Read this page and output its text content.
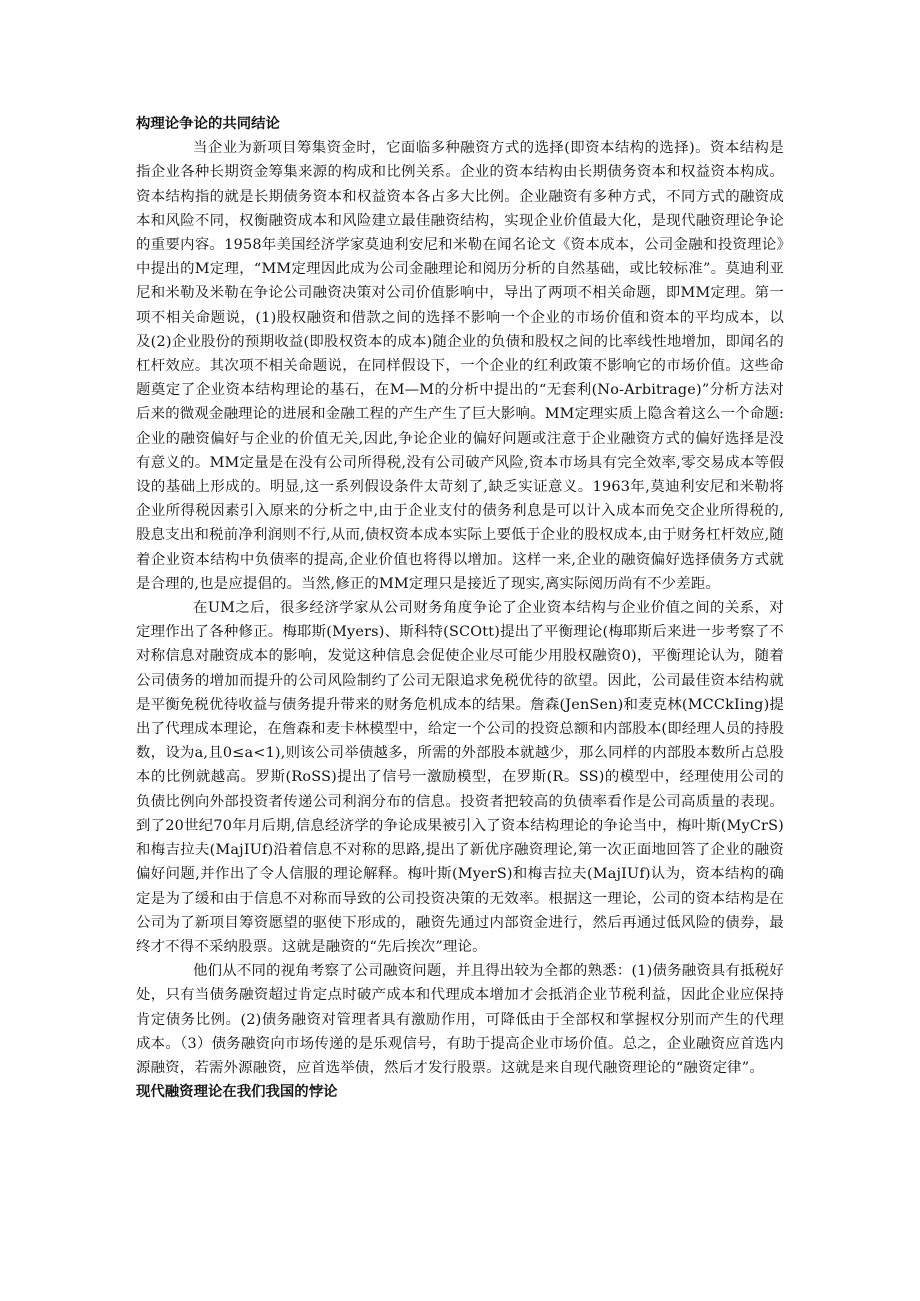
构理论争论的共同结论

当企业为新项目筹集资金时，它面临多种融资方式的选择(即资本结构的选择)。资本结构是指企业各种长期资金筹集来源的构成和比例关系。企业的资本结构由长期债务资本和权益资本构成。资本结构指的就是长期债务资本和权益资本各占多大比例。企业融资有多种方式，不同方式的融资成本和风险不同，权衡融资成本和风险建立最佳融资结构，实现企业价值最大化，是现代融资理论争论的重要内容。1958年美国经济学家莫迪利安尼和米勒在闻名论文《资本成本，公司金融和投资理论》中提出的M定理，“MM定理因此成为公司金融理论和阅历分析的自然基础，或比较标准”。莫迪利亚尼和米勒及米勒在争论公司融资决策对公司价值影响中，导出了两项不相关命题，即MM定理。第一项不相关命题说，(1)股权融资和借款之间的选择不影响一个企业的市场价值和资本的平均成本，以及(2)企业股份的预期收益(即股权资本的成本)随企业的负债和股权之间的比率线性地增加，即闻名的杠杆效应。其次项不相关命题说，在同样假设下，一个企业的红利政策不影响它的市场价值。这些命题奠定了企业资本结构理论的基石，在M—M的分析中提出的“无套利(No-Arbitrage)”分析方法对后来的微观金融理论的进展和金融工程的产生产生了巨大影响。MM定理实质上隐含着这么一个命题:企业的融资偏好与企业的价值无关,因此,争论企业的偏好问题或注意于企业融资方式的偏好选择是没有意义的。MM定量是在没有公司所得税,没有公司破产风险,资本市场具有完全效率,零交易成本等假设的基础上形成的。明显,这一系列假设条件太苛刻了,缺乏实证意义。1963年,莫迪利安尼和米勒将企业所得税因素引入原来的分析之中,由于企业支付的债务利息是可以计入成本而免交企业所得税的,股息支出和税前净利润则不行,从而,债权资本成本实际上要低于企业的股权成本,由于财务杠杆效应,随着企业资本结构中负债率的提高,企业价值也将得以增加。这样一来,企业的融资偏好选择债务方式就是合理的,也是应提倡的。当然,修正的MM定理只是接近了现实,离实际阅历尚有不少差距。

在UM之后，很多经济学家从公司财务角度争论了企业资本结构与企业价值之间的关系，对定理作出了各种修正。梅耶斯(Myers)、斯科特(SCOtt)提出了平衡理论(梅耶斯后来进一步考察了不对称信息对融资成本的影响，发觉这种信息会促使企业尽可能少用股权融资0)，平衡理论认为，随着公司债务的增加而提升的公司风险制约了公司无限追求免税优待的欲望。因此，公司最佳资本结构就是平衡免税优待收益与债务提升带来的财务危机成本的结果。詹森(JenSen)和麦克林(MCCkIing)提出了代理成本理论，在詹森和麦卡林模型中，给定一个公司的投资总额和内部股本(即经理人员的持股数，设为a,且0≤a<1),则该公司举债越多，所需的外部股本就越少，那么同样的内部股本数所占总股本的比例就越高。罗斯(RoSS)提出了信号一激励模型，在罗斯(R。SS)的模型中，经理使用公司的负债比例向外部投资者传递公司利润分布的信息。投资者把较高的负债率看作是公司高质量的表现。到了20世纪70年月后期,信息经济学的争论成果被引入了资本结构理论的争论当中，梅叶斯(MyCrS)和梅吉拉夫(MajIUf)沿着信息不对称的思路,提出了新优序融资理论,第一次正面地回答了企业的融资偏好问题,并作出了令人信服的理论解释。梅叶斯(MyerS)和梅吉拉夫(MajIUf)认为，资本结构的确定是为了缓和由于信息不对称而导致的公司投资决策的无效率。根据这一理论，公司的资本结构是在公司为了新项目筹资愿望的驱使下形成的，融资先通过内部资金进行，然后再通过低风险的债券，最终才不得不采纳股票。这就是融资的“先后挨次”理论。

他们从不同的视角考察了公司融资问题，并且得出较为全都的熟悉：(1)债务融资具有抵税好处，只有当债务融资超过肯定点时破产成本和代理成本增加才会抵消企业节税利益，因此企业应保持肯定债务比例。(2)债务融资对管理者具有激励作用，可降低由于全部权和掌握权分别而产生的代理成本。（3）债务融资向市场传递的是乐观信号，有助于提高企业市场价值。总之，企业融资应首选内源融资，若需外源融资，应首选举债，然后才发行股票。这就是来自现代融资理论的“融资定律”。

现代融资理论在我们我国的悖论
